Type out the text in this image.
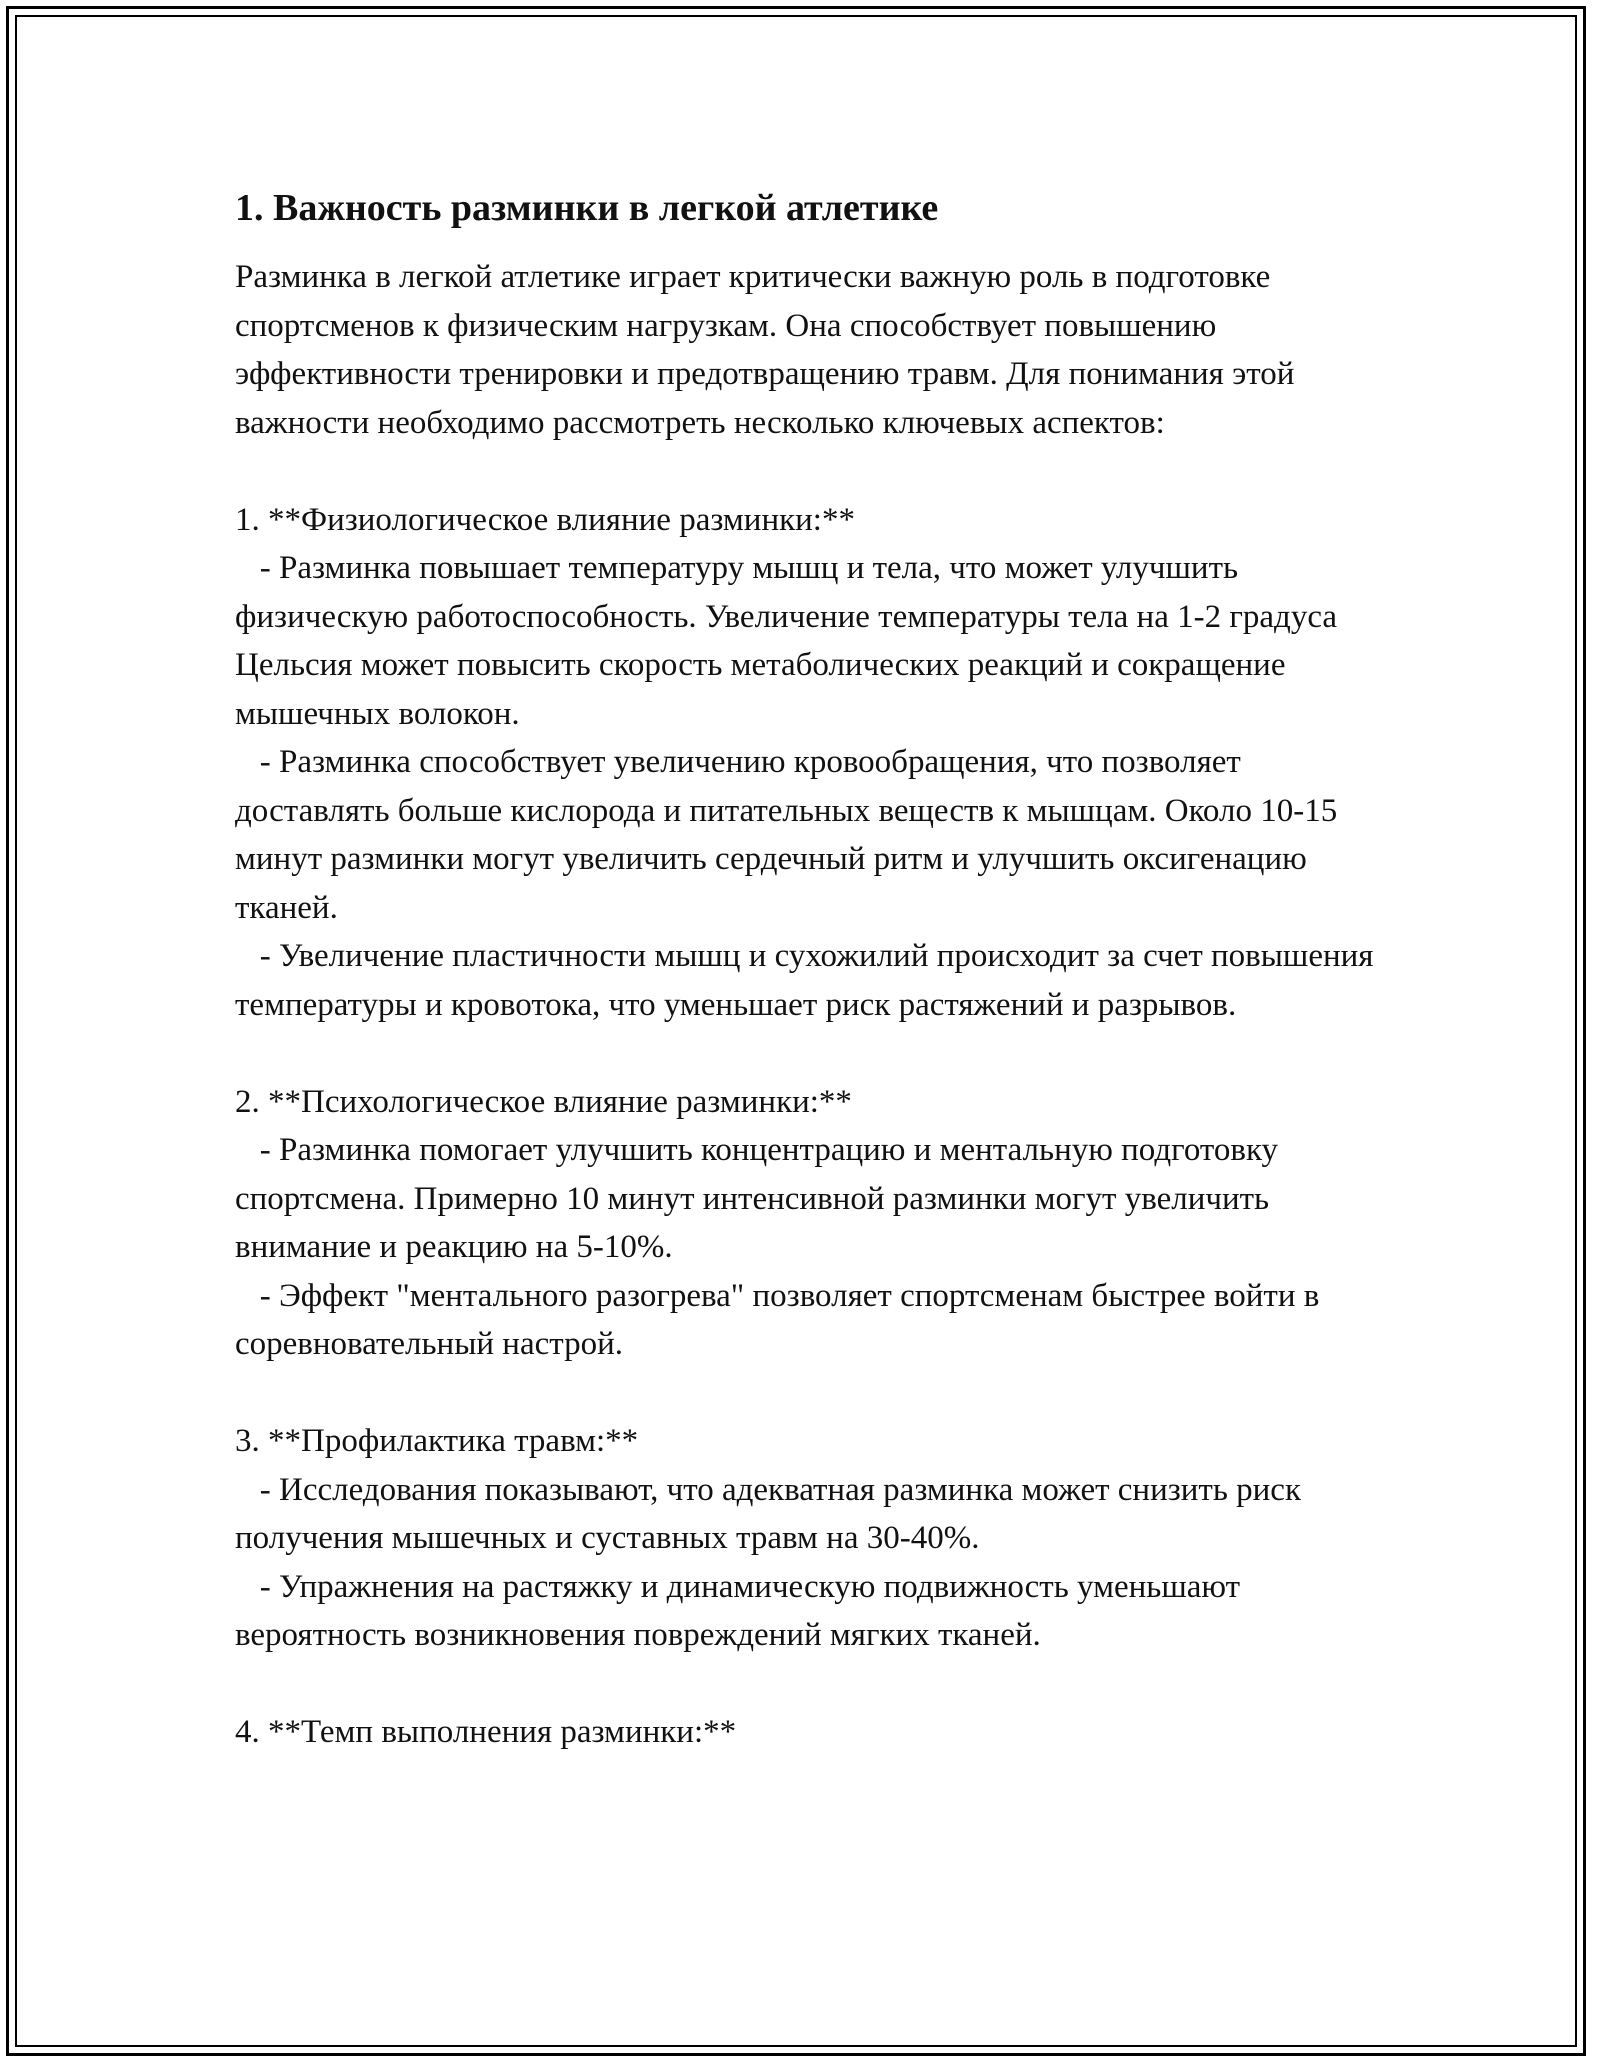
1. Важность разминки в легкой атлетике

Разминка в легкой атлетике играет критически важную роль в подготовке спортсменов к физическим нагрузкам. Она способствует повышению эффективности тренировки и предотвращению травм. Для понимания этой важности необходимо рассмотреть несколько ключевых аспектов:

1. **Физиологическое влияние разминки:**

- Разминка повышает температуру мышц и тела, что может улучшить физическую работоспособность. Увеличение температуры тела на 1-2 градуса Цельсия может повысить скорость метаболических реакций и сокращение мышечных волокон.

- Разминка способствует увеличению кровообращения, что позволяет доставлять больше кислорода и питательных веществ к мышцам. Около 10-15 минут разминки могут увеличить сердечный ритм и улучшить оксигенацию тканей.

- Увеличение пластичности мышц и сухожилий происходит за счет повышения температуры и кровотока, что уменьшает риск растяжений и разрывов.

2. **Психологическое влияние разминки:**

- Разминка помогает улучшить концентрацию и ментальную подготовку спортсмена. Примерно 10 минут интенсивной разминки могут увеличить внимание и реакцию на 5-10%.

- Эффект "ментального разогрева" позволяет спортсменам быстрее войти в соревновательный настрой.

3. **Профилактика травм:**

- Исследования показывают, что адекватная разминка может снизить риск получения мышечных и суставных травм на 30-40%.

- Упражнения на растяжку и динамическую подвижность уменьшают вероятность возникновения повреждений мягких тканей.

4. **Темп выполнения разминки:**
